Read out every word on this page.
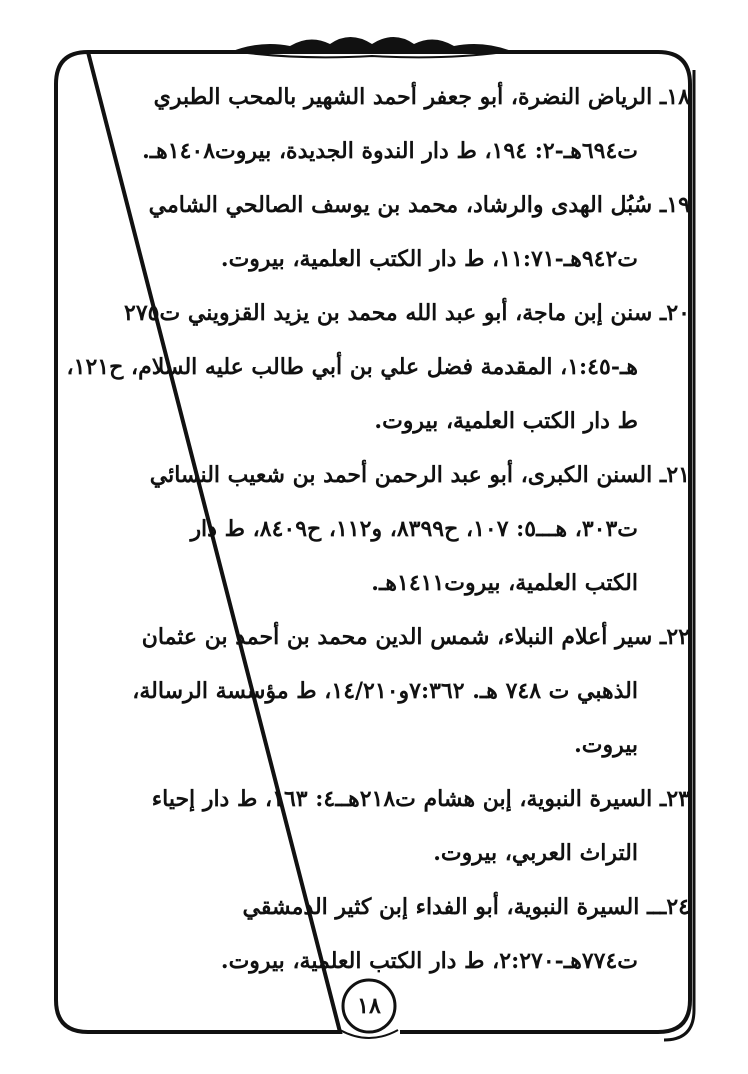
١٨ـ الرياض النضرة، أبو جعفر أحمد الشهير بالمحب الطبري
ت٦٩٤هـ-٢: ١٩٤، ط دار الندوة الجديدة، بيروت١٤٠٨هـ.
١٩ـ سُبُل الهدى والرشاد، محمد بن يوسف الصالحي الشامي
ت٩٤٢هـ-١١:٧١، ط دار الكتب العلمية، بيروت.
٢٠ـ سنن إبن ماجة، أبو عبد الله محمد بن يزيد القزويني ت٢٧٥
هـ-١:٤٥، المقدمة فضل علي بن أبي طالب عليه السلام، ح١٢١،
ط دار الكتب العلمية، بيروت.
٢١ـ السنن الكبرى، أبو عبد الرحمن أحمد بن شعيب النسائي
ت٣٠٣، هـــ٥: ١٠٧، ح٨٣٩٩، و١١٢، ح٨٤٠٩، ط دار
الكتب العلمية، بيروت١٤١١هـ.
٢٢ـ سير أعلام النبلاء، شمس الدين محمد بن أحمد بن عثمان
الذهبي ت ٧٤٨ هـ. ٧:٣٦٢و١٤/٢١٠، ط مؤسسة الرسالة،
بيروت.
٢٣ـ السيرة النبوية، إبن هشام ت٢١٨هــ٤: ١٦٣، ط دار إحياء
التراث العربي، بيروت.
٢٤ـــ السيرة النبوية، أبو الفداء إبن كثير الدمشقي
ت٧٧٤هـ-٢:٢٧٠، ط دار الكتب العلمية، بيروت.
١٨
